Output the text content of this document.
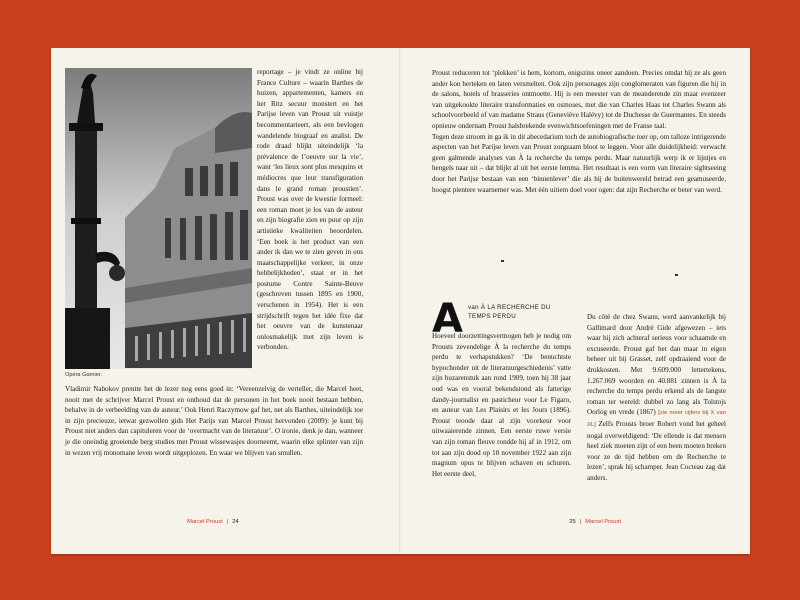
Opéra Garnier.

reportage – je vindt ze online bij France Culture – waarin Barthes de huizen, appartementen, kamers en het Ritz secuur monstert en het Parijse leven van Proust uit vuistje becommentarieert, als een bevlogen wandelende biograaf en analist. De rode draad blijkt uiteindelijk ‘la prévalence de l’oeuvre sur la vie’, want ‘les lieux sont plus mesquins et médiocres que leur transfiguration dans le grand roman proustien’. Proust was over de kwestie formeel: een roman moet je los van de auteur en zijn biografie zien en puur op zijn artistieke kwaliteiten beoordelen. ‘Een boek is het product van een ander ik dan we te zien geven in ons maatschappelijke verkeer, in onze hebbelijkheden’, staat er in het postume Contre Sainte-Beuve (geschreven tussen 1895 en 1900, verschenen in 1954). Het is een strijdschrift tegen het idée fixe dat het oeuvre van de kunstenaar onlosmakelijk met zijn leven is verbonden.

Vladimir Nabokov prentte het de lezer nog eens goed in: ‘Vereenzelvig de verteller, die Marcel heet, nooit met de schrijver Marcel Proust en onthoud dat de personen in het boek nooit bestaan hebben, behalve in de verbeelding van de auteur.’ Ook Henri Raczymow gaf het, net als Barthes, uiteindelijk toe in zijn precieuze, ietwat gezwollen gids Het Parijs van Marcel Proust hervonden (2009): je kunt bij Proust niet anders dan capituleren voor de ‘overmacht van de literatuur’. O ironie, denk je dan, wanneer je die oneindig groeiende berg studies met Proust wissewasjes doorneemt, waarin elke splinter van zijn in wezen vrij monomane leven wordt uitgeplozen. En waar we blijven van smullen.

Marcel Proust | 24

Proust reduceren tot ‘plekken’ is hem, kortom, enigszins oneer aandoen. Precies omdat hij ze als geen ander kon herteken en laten versmelten. Ook zijn personages zijn conglomeraten van figuren die hij in de salons, hotels of brasseries ontmoette. Hij is een meester van de meanderende zin maar evenzeer van uitgekookte literaire transformaties en osmoses, met die van Charles Haas tot Charles Swann als schoolvoorbeeld of van madame Straus (Geneviève Halévy) tot de Duchesse de Guermantes. En steeds opnieuw ondernam Proust halsbrekende evenwichtsoefeningen met de Franse taal.

Tegen deze stroom in ga ik in dit abecedarium toch de autobiografische toer op, om talloze intrigerende aspecten van het Parijse leven van Proust zorgzaam bloot te leggen. Voor alle duidelijkheid: verwacht geen galmende analyses van À la recherche du temps perdu. Maar natuurlijk werp ik er lijntjes en hengels naar uit – dat blijkt al uit het eerste lemma. Het resultaat is een vorm van literaire sightseeing door het Parijse bestaan van een ‘binnenlever’ die als hij de buitenwereld betrad een geamuseerde, hoogst pientere waarnemer was. Met één uitiem doel voor ogen: dat zijn Recherche er beter van werd.

A van À LA RECHERCHE DU TEMPS PERDU

Hoeveel doorzettingsvermogen heb je nodig om Prousts zevendelige À la recherche du temps perdu te verhapstukken? ‘De benuchtste hypochonder uit de literatuurgeschiedenis’ vatte zijn huzarenstuk aan rond 1909, toen hij 38 jaar oud was en vooral bekendstond als fatterige dandy-journalist en pasticheur voor Le Figaro, en auteur van Les Plaisirs et les Jours (1896). Proust teoode daar al zijn voorkeur voor uitwaaierende zinnen. Een eerste ruwe versie van zijn roman fleuve rondde hij af in 1912, om tot aan zijn dood op 18 november 1922 aan zijn magnum opus te blijven schaven en schuren. Het eerste deel,

Du côté de chez Swann, werd aanvankelijk bij Gallimard door André Gide afgewezen – iets waar hij zich achteraf serieus voor schaamde en excuseerde. Proust gaf het dan maar in eigen beheer uit bij Grasset, zelf opdraaiend voor de drukkosten. Met 9.609.000 lettertekens, 1.267.069 woorden en 40.881 zinnen is À la recherche du temps perdu erkend als de langste roman ter wereld: dubbel zo lang als Tolstojs Oorlog en vrede (1867) [zie meer cijfers bij X van XL] Zelfs Prousts broer Robert vond het geheel nogal overweldigend: ‘De ellende is dat mensen heel ziek moeten zijn of een been moeten breken voor ze de tijd hebben om de Recherche te lezen’, sprak hij schamper. Jean Cocteau zag dat anders.

25 | Marcel Proust
